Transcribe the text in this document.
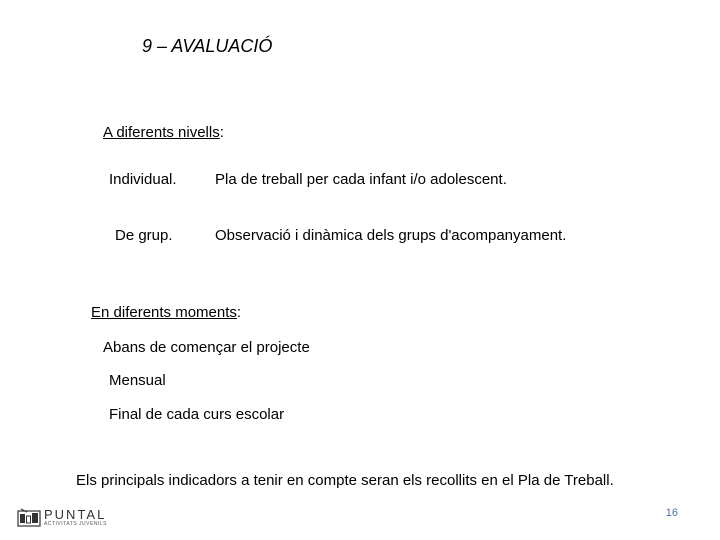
9 – AVALUACIÓ
A diferents nivells:
Individual.	Pla de treball per cada infant i/o adolescent.
De grup.	Observació i dinàmica dels grups d'acompanyament.
En diferents moments:
Abans de començar el projecte
Mensual
Final de cada curs escolar
Els principals indicadors a tenir en compte seran els recollits en el Pla de Treball.
PUNTAL
ACTIVITATS JUVENILS
16
